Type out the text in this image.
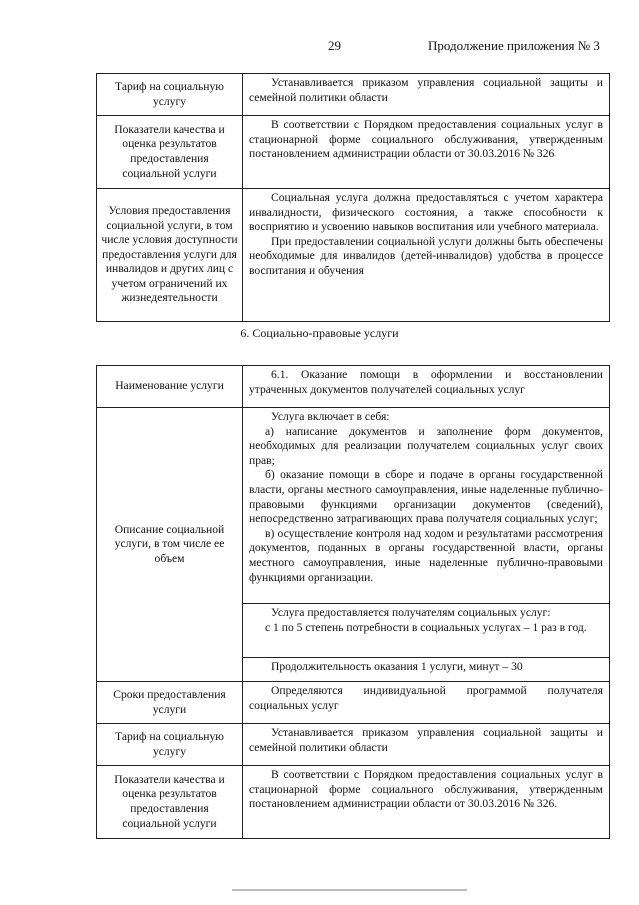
29	Продолжение приложения № 3
Тариф на социальную услугу	Устанавливается приказом управления социальной защиты и семейной политики области

Показатели качества и оценка результатов предоставления социальной услуги	В соответствии с Порядком предоставления социальных услуг в стационарной форме социального обслуживания, утвержденным постановлением администрации области от 30.03.2016 № 326

Условия предоставления социальной услуги, в том числе условия доступности предоставления услуги для инвалидов и других лиц с учетом ограничений их жизнедеятельности	Социальная услуга должна предоставляться с учетом характера инвалидности, физического состояния, а также способности к восприятию и усвоению навыков воспитания или учебного материала.

При предоставлении социальной услуги должны быть обеспечены необходимые для инвалидов (детей-инвалидов) удобства в процессе воспитания и обучения

6. Социально-правовые услуги
Наименование услуги	6.1. Оказание помощи в оформлении и восстановлении утраченных документов получателей социальных услуг

Описание социальной услуги, в том числе ее объем	Услуга включает в себя:

а) написание документов и заполнение форм документов, необходимых для реализации получателем социальных услуг своих прав;

б) оказание помощи в сборе и подаче в органы государственной власти, органы местного самоуправления, иные наделенные публично-правовыми функциями организации документов (сведений), непосредственно затрагивающих права получателя социальных услуг;

в) осуществление контроля над ходом и результатами рассмотрения документов, поданных в органы государственной власти, органы местного самоуправления, иные наделенные публично-правовыми функциями организации.

	Услуга предоставляется получателям социальных услуг:

с 1 по 5 степень потребности в социальных услугах – 1 раз в год.

	Продолжительность оказания 1 услуги, минут – 30

Сроки предоставления услуги	Определяются индивидуальной программой получателя социальных услуг

Тариф на социальную услугу	Устанавливается приказом управления социальной защиты и семейной политики области

Показатели качества и оценка результатов предоставления социальной услуги	В соответствии с Порядком предоставления социальных услуг в стационарной форме социального обслуживания, утвержденным постановлением администрации области от 30.03.2016 № 326.
